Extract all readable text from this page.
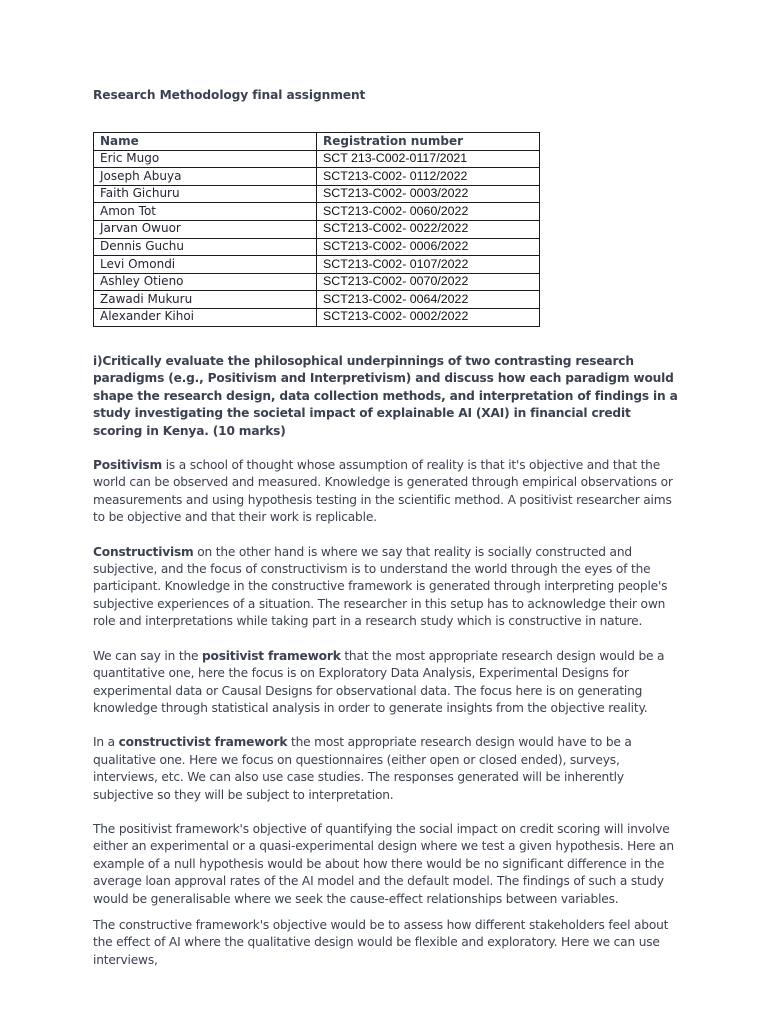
Research Methodology final assignment

Name	Registration number
Eric Mugo	SCT 213-C002-0117/2021
Joseph Abuya	SCT213-C002- 0112/2022
Faith Gichuru	SCT213-C002- 0003/2022
Amon Tot	SCT213-C002- 0060/2022
Jarvan Owuor	SCT213-C002- 0022/2022
Dennis Guchu	SCT213-C002- 0006/2022
Levi Omondi	SCT213-C002- 0107/2022
Ashley Otieno	SCT213-C002- 0070/2022
Zawadi Mukuru	SCT213-C002- 0064/2022
Alexander Kihoi	SCT213-C002- 0002/2022

i)Critically evaluate the philosophical underpinnings of two contrasting research paradigms (e.g., Positivism and Interpretivism) and discuss how each paradigm would shape the research design, data collection methods, and interpretation of findings in a study investigating the societal impact of explainable AI (XAI) in financial credit scoring in Kenya. (10 marks)

Positivism is a school of thought whose assumption of reality is that it's objective and that the world can be observed and measured. Knowledge is generated through empirical observations or measurements and using hypothesis testing in the scientific method. A positivist researcher aims to be objective and that their work is replicable.

Constructivism on the other hand is where we say that reality is socially constructed and subjective, and the focus of constructivism is to understand the world through the eyes of the participant. Knowledge in the constructive framework is generated through interpreting people's subjective experiences of a situation. The researcher in this setup has to acknowledge their own role and interpretations while taking part in a research study which is constructive in nature.

We can say in the positivist framework that the most appropriate research design would be a quantitative one, here the focus is on Exploratory Data Analysis, Experimental Designs for experimental data or Causal Designs for observational data. The focus here is on generating knowledge through statistical analysis in order to generate insights from the objective reality.

In a constructivist framework the most appropriate research design would have to be a qualitative one. Here we focus on questionnaires (either open or closed ended), surveys, interviews, etc. We can also use case studies. The responses generated will be inherently subjective so they will be subject to interpretation.

The positivist framework's objective of quantifying the social impact on credit scoring will involve either an experimental or a quasi-experimental design where we test a given hypothesis. Here an example of a null hypothesis would be about how there would be no significant difference in the average loan approval rates of the AI model and the default model. The findings of such a study would be generalisable where we seek the cause-effect relationships between variables.

The constructive framework's objective would be to assess how different stakeholders feel about the effect of AI where the qualitative design would be flexible and exploratory. Here we can use interviews,
